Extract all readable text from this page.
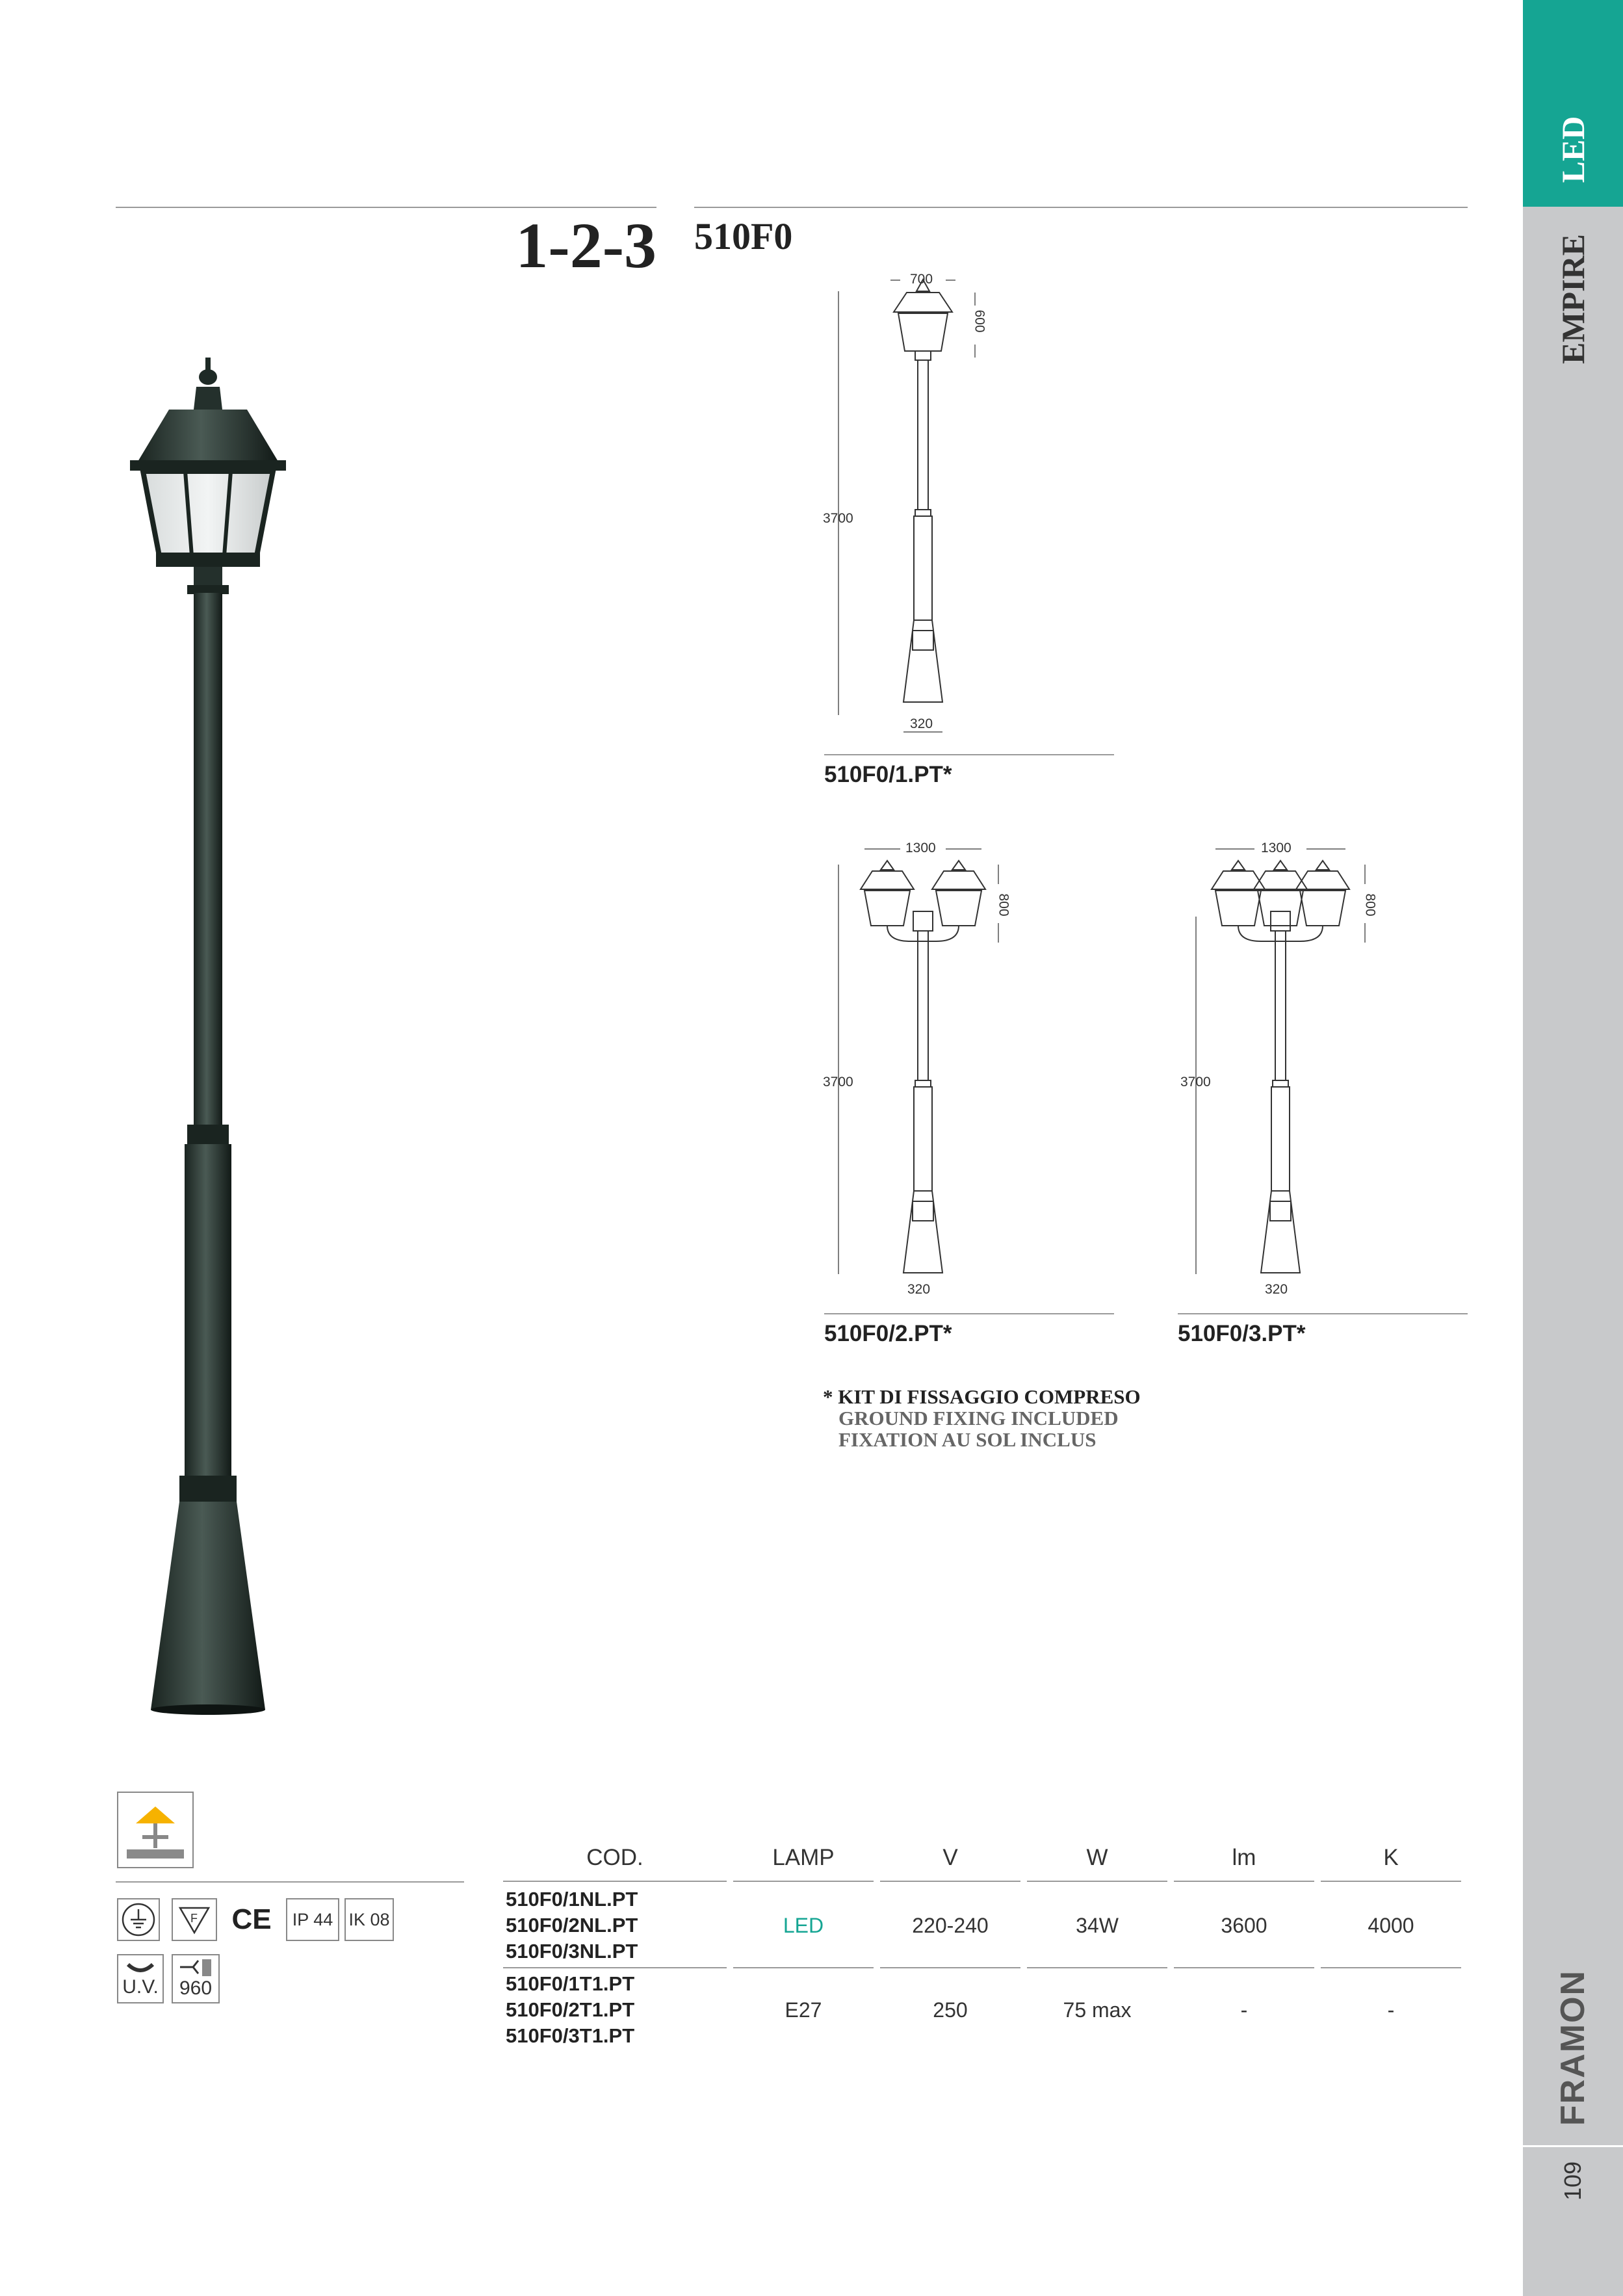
LED
EMPIRE
FRAMON
109
1-2-3 510F0
700
600
3700
320
510F0/1.PT*
1300
800
3700
320
510F0/2.PT*
1300
800
3700
320
510F0/3.PT*
* KIT DI FISSAGGIO COMPRESO
GROUND FIXING INCLUDED
FIXATION AU SOL INCLUS
F CE	IP 44 IK 08
U.V. 960
COD.	LAMP	V	W	lm	K
510F0/1NL.PT
510F0/2NL.PT
510F0/3NL.PT
LED	220-240	34W	3600	4000
510F0/1T1.PT
510F0/2T1.PT
510F0/3T1.PT
E27	250	75 max	-	-
